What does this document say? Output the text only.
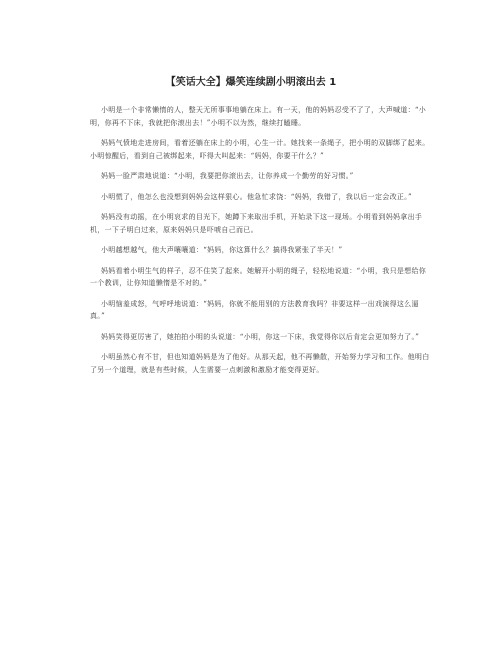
【笑话大全】爆笑连续剧小明滚出去 1

小明是一个非常懒惰的人，整天无所事事地躺在床上。有一天，他的妈妈忍受不了了，大声喊道：“小明，你再不下床，我就把你滚出去！”小明不以为然，继续打瞌睡。

妈妈气愤地走进房间，看着还躺在床上的小明，心生一计。她找来一条绳子，把小明的双脚绑了起来。小明惊醒后，看到自己被绑起来，吓得大叫起来：“妈妈，你要干什么？”

妈妈一脸严肃地说道：“小明，我要把你滚出去，让你养成一个勤劳的好习惯。”

小明慌了，他怎么也没想到妈妈会这样狠心。他急忙求饶：“妈妈，我错了，我以后一定会改正。”

妈妈没有动摇，在小明哀求的目光下，她蹲下来取出手机，开始录下这一现场。小明看到妈妈拿出手机，一下子明白过来，原来妈妈只是吓唬自己而已。

小明越想越气，他大声嚷嚷道：“妈妈，你这算什么？搞得我紧张了半天！”

妈妈看着小明生气的样子，忍不住笑了起来。她解开小明的绳子，轻松地说道：“小明，我只是想给你一个教训，让你知道懒惰是不对的。”

小明恼羞成怒，气呼呼地说道：“妈妈，你就不能用别的方法教育我吗？非要这样一出戏演得这么逼真。”

妈妈笑得更厉害了，她拍拍小明的头说道：“小明，你这一下床，我觉得你以后肯定会更加努力了。”

小明虽然心有不甘，但也知道妈妈是为了他好。从那天起，他不再懒散，开始努力学习和工作。他明白了另一个道理，就是有些时候，人生需要一点刺激和激励才能变得更好。
